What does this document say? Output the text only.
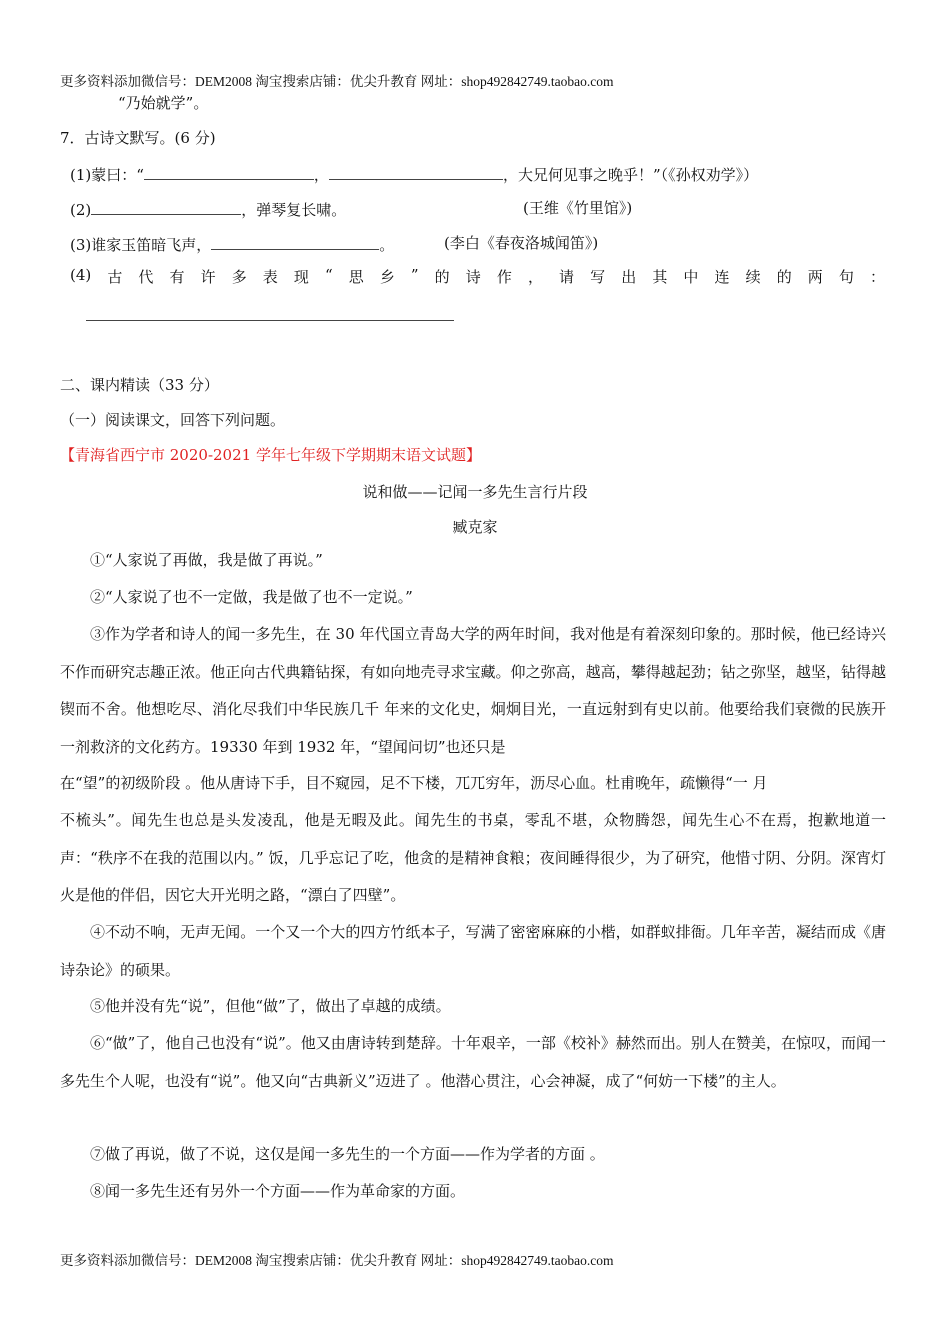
更多资料添加微信号：DEM2008 淘宝搜索店铺：优尖升教育 网址：shop492842749.taobao.com
“乃始就学”。
7．古诗文默写。(6 分)
(1)蒙曰：“	，	，大兄何见事之晚乎！”（《孙权劝学》）
(2)	，弹琴复长啸。	(王维《竹里馆》)
(3)谁家玉笛暗飞声，	。	(李白《春夜洛城闻笛》)
(4) 古 代 有 许 多 表 现 “ 思 乡 ” 的 诗 作 ， 请 写 出 其 中 连 续 的 两 句 ：
二、课内精读（33 分）
（一）阅读课文，回答下列问题。
【青海省西宁市 2020-2021 学年七年级下学期期末语文试题】
说和做——记闻一多先生言行片段
臧克家
①“人家说了再做，我是做了再说。”
②“人家说了也不一定做，我是做了也不一定说。”
③作为学者和诗人的闻一多先生，在 30 年代国立青岛大学的两年时间，我对他是有着深刻印象的。那时候，他已经诗兴不作而研究志趣正浓。他正向古代典籍钻探，有如向地壳寻求宝藏。仰之弥高，越高，攀得越起劲；钻之弥坚，越坚，钻得越锲而不舍。他想吃尽、消化尽我们中华民族几千 年来的文化史，炯炯目光，一直远射到有史以前。他要给我们衰微的民族开一剂救济的文化药方。19330 年到 1932 年，“望闻问切”也还只是
在“望”的初级阶段 。他从唐诗下手，目不窥园，足不下楼，兀兀穷年，沥尽心血。杜甫晚年，疏懒得“一 月
不梳头”。闻先生也总是头发凌乱，他是无暇及此。闻先生的书桌，零乱不堪，众物腾怨，闻先生心不在焉，抱歉地道一 声：“秩序不在我的范围以内。” 饭，几乎忘记了吃，他贪的是精神食粮；夜间睡得很少，为了研究，他惜寸阴、分阴。深宵灯火是他的伴侣，因它大开光明之路，“漂白了四壁”。
④不动不响，无声无闻。一个又一个大的四方竹纸本子，写满了密密麻麻的小楷，如群蚁排衙。几年辛苦，凝结而成《唐诗杂论》的硕果。
⑤他并没有先“说”，但他“做”了，做出了卓越的成绩。
⑥“做”了，他自己也没有“说”。他又由唐诗转到楚辞。十年艰辛，一部《校补》赫然而出。别人在赞美，在惊叹，而闻一多先生个人呢，也没有“说”。他又向“古典新义”迈进了 。他潜心贯注，心会神凝，成了“何妨一下楼”的主人。
⑦做了再说，做了不说，这仅是闻一多先生的一个方面——作为学者的方面 。
⑧闻一多先生还有另外一个方面——作为革命家的方面。
更多资料添加微信号：DEM2008 淘宝搜索店铺：优尖升教育 网址：shop492842749.taobao.com
